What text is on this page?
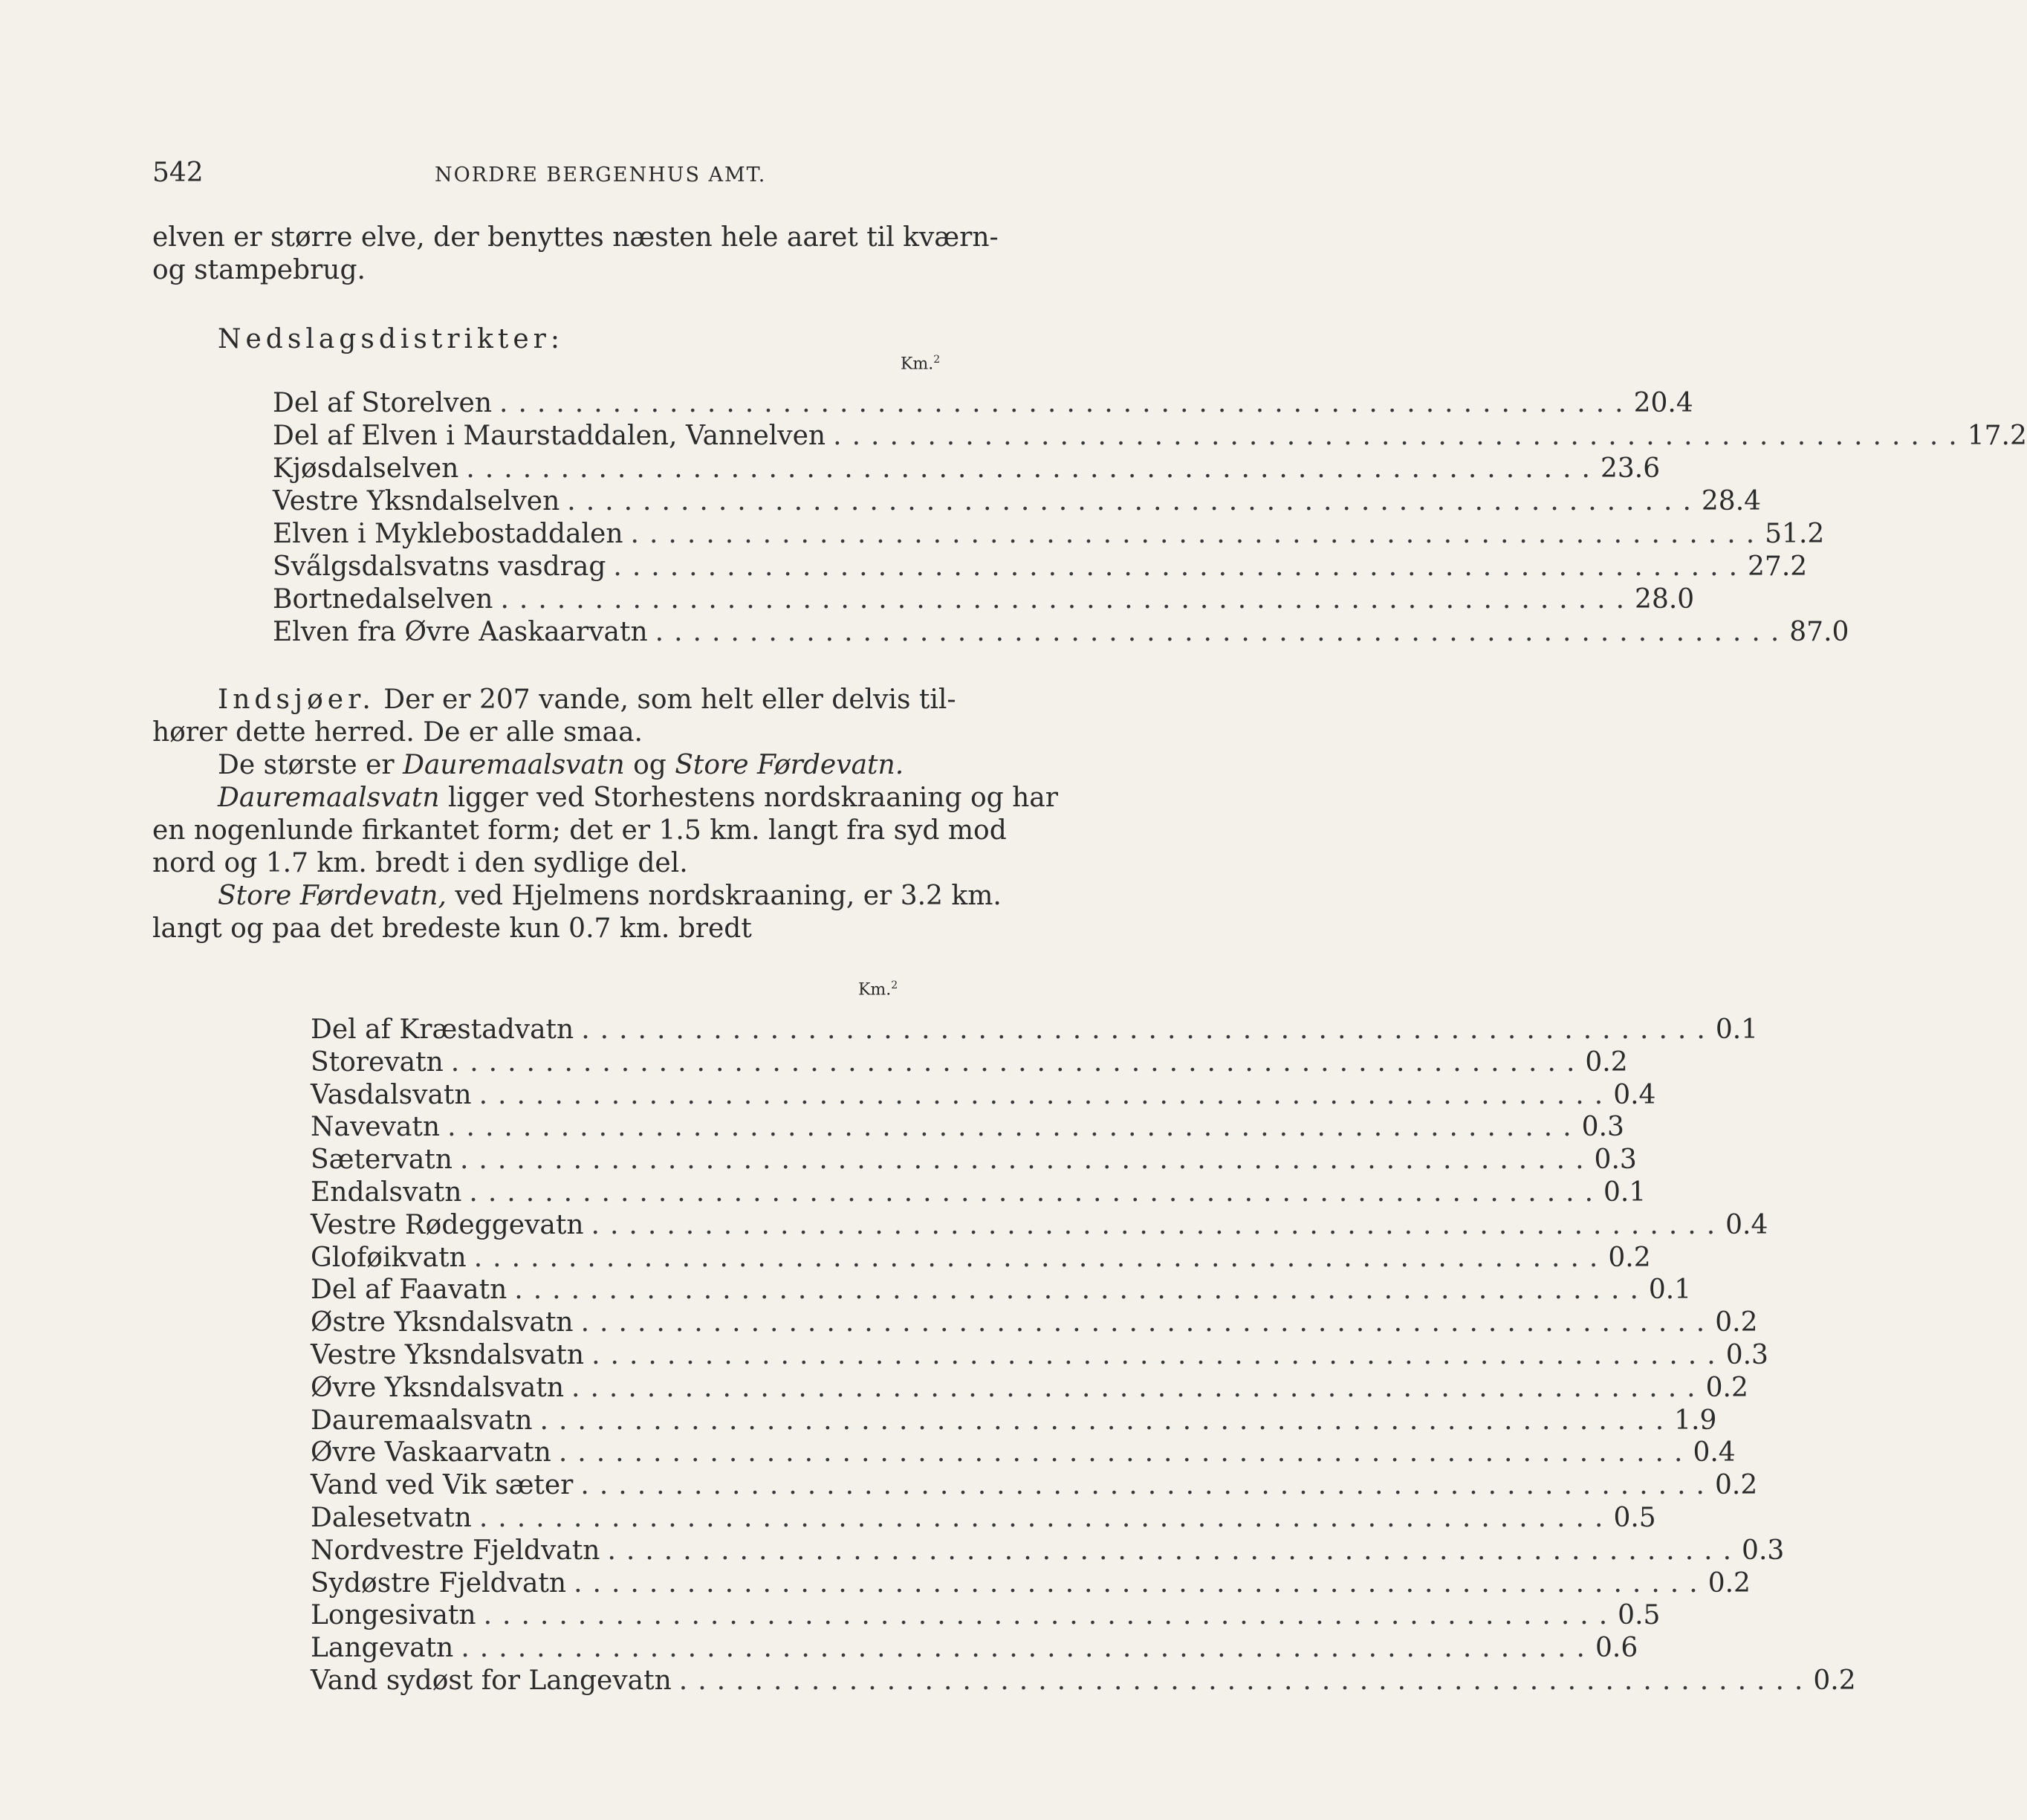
542	NORDRE BERGENHUS AMT.
elven er større elve, der benyttes næsten hele aaret til kværn-
og stampebrug.
Nedslagsdistrikter:
Km.$^2$
Del af Storelven ............................................................ 20.4
Del af Elven i Maurstaddalen, Vannelven ............................................................ 17.2
Kjøsdalselven ............................................................ 23.6
Vestre Yksndalselven ............................................................ 28.4
Elven i Myklebostaddalen ............................................................ 51.2
Sva̋lgsdalsvatns vasdrag ............................................................ 27.2
Bortnedalselven ............................................................ 28.0
Elven fra Øvre Aaskaarvatn ............................................................ 87.0
Indsjøer. Der er 207 vande, som helt eller delvis til-
hører dette herred. De er alle smaa.
De største er Dauremaalsvatn og Store Førdevatn.
Dauremaalsvatn ligger ved Storhestens nordskraaning og har
en nogenlunde firkantet form; det er 1.5 km. langt fra syd mod
nord og 1.7 km. bredt i den sydlige del.
Store Førdevatn, ved Hjelmens nordskraaning, er 3.2 km.
langt og paa det bredeste kun 0.7 km. bredt
Km.$^2$
Del af Kræstadvatn ............................................................ 0.1
Storevatn ............................................................ 0.2
Vasdalsvatn ............................................................ 0.4
Navevatn ............................................................ 0.3
Sætervatn ............................................................ 0.3
Endalsvatn ............................................................ 0.1
Vestre Rødeggevatn ............................................................ 0.4
Gloføikvatn ............................................................ 0.2
Del af Faavatn ............................................................ 0.1
Østre Yksndalsvatn ............................................................ 0.2
Vestre Yksndalsvatn ............................................................ 0.3
Øvre Yksndalsvatn ............................................................ 0.2
Dauremaalsvatn ............................................................ 1.9
Øvre Vaskaarvatn ............................................................ 0.4
Vand ved Vik sæter ............................................................ 0.2
Dalesetvatn ............................................................ 0.5
Nordvestre Fjeldvatn ............................................................ 0.3
Sydøstre Fjeldvatn ............................................................ 0.2
Longesivatn ............................................................ 0.5
Langevatn ............................................................ 0.6
Vand sydøst for Langevatn ............................................................ 0.2
